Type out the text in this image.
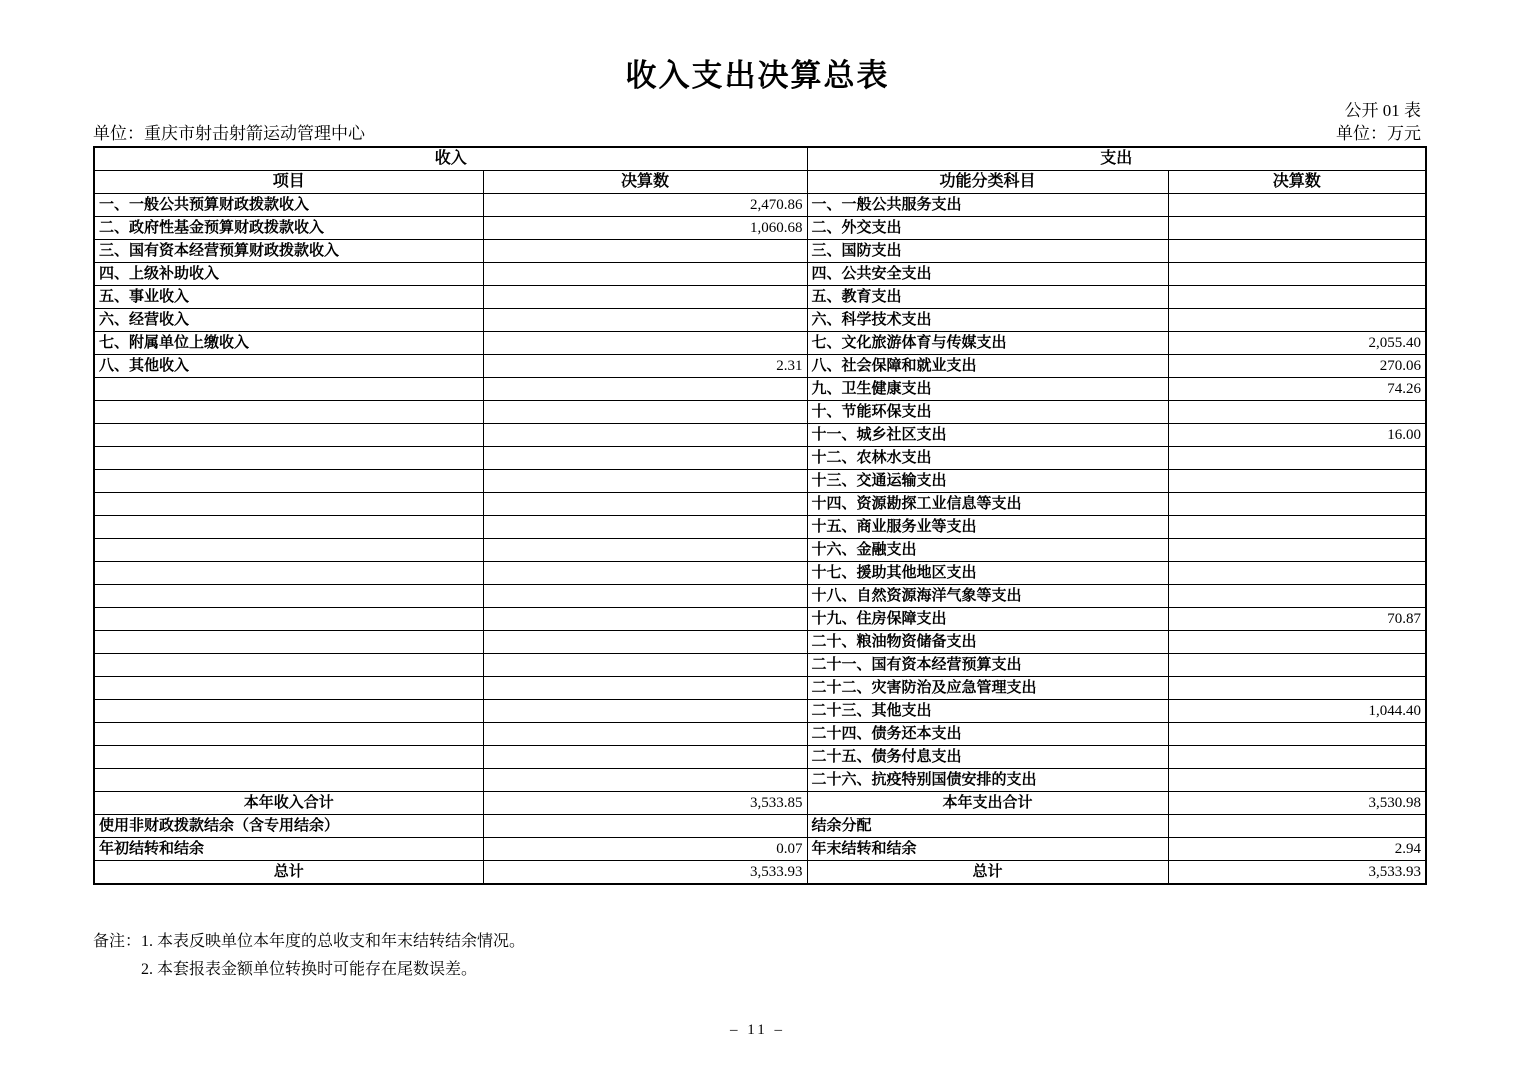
收入支出决算总表
公开 01 表
单位：重庆市射击射箭运动管理中心	单位：万元
收入		支出	
项目	决算数	功能分类科目	决算数
一、一般公共预算财政拨款收入	2,470.86	一、一般公共服务支出	
二、政府性基金预算财政拨款收入	1,060.68	二、外交支出	
三、国有资本经营预算财政拨款收入		三、国防支出	
四、上级补助收入		四、公共安全支出	
五、事业收入		五、教育支出	
六、经营收入		六、科学技术支出	
七、附属单位上缴收入		七、文化旅游体育与传媒支出	2,055.40
八、其他收入	2.31	八、社会保障和就业支出	270.06
		九、卫生健康支出	74.26
		十、节能环保支出	
		十一、城乡社区支出	16.00
		十二、农林水支出	
		十三、交通运输支出	
		十四、资源勘探工业信息等支出	
		十五、商业服务业等支出	
		十六、金融支出	
		十七、援助其他地区支出	
		十八、自然资源海洋气象等支出	
		十九、住房保障支出	70.87
		二十、粮油物资储备支出	
		二十一、国有资本经营预算支出	
		二十二、灾害防治及应急管理支出	
		二十三、其他支出	1,044.40
		二十四、债务还本支出	
		二十五、债务付息支出	
		二十六、抗疫特别国债安排的支出	
本年收入合计	3,533.85	本年支出合计	3,530.98
使用非财政拨款结余（含专用结余）		结余分配	
年初结转和结余	0.07	年末结转和结余	2.94
总计	3,533.93	总计	3,533.93
备注： 1. 本表反映单位本年度的总收支和年末结转结余情况。
2. 本套报表金额单位转换时可能存在尾数误差。
– 11 –
